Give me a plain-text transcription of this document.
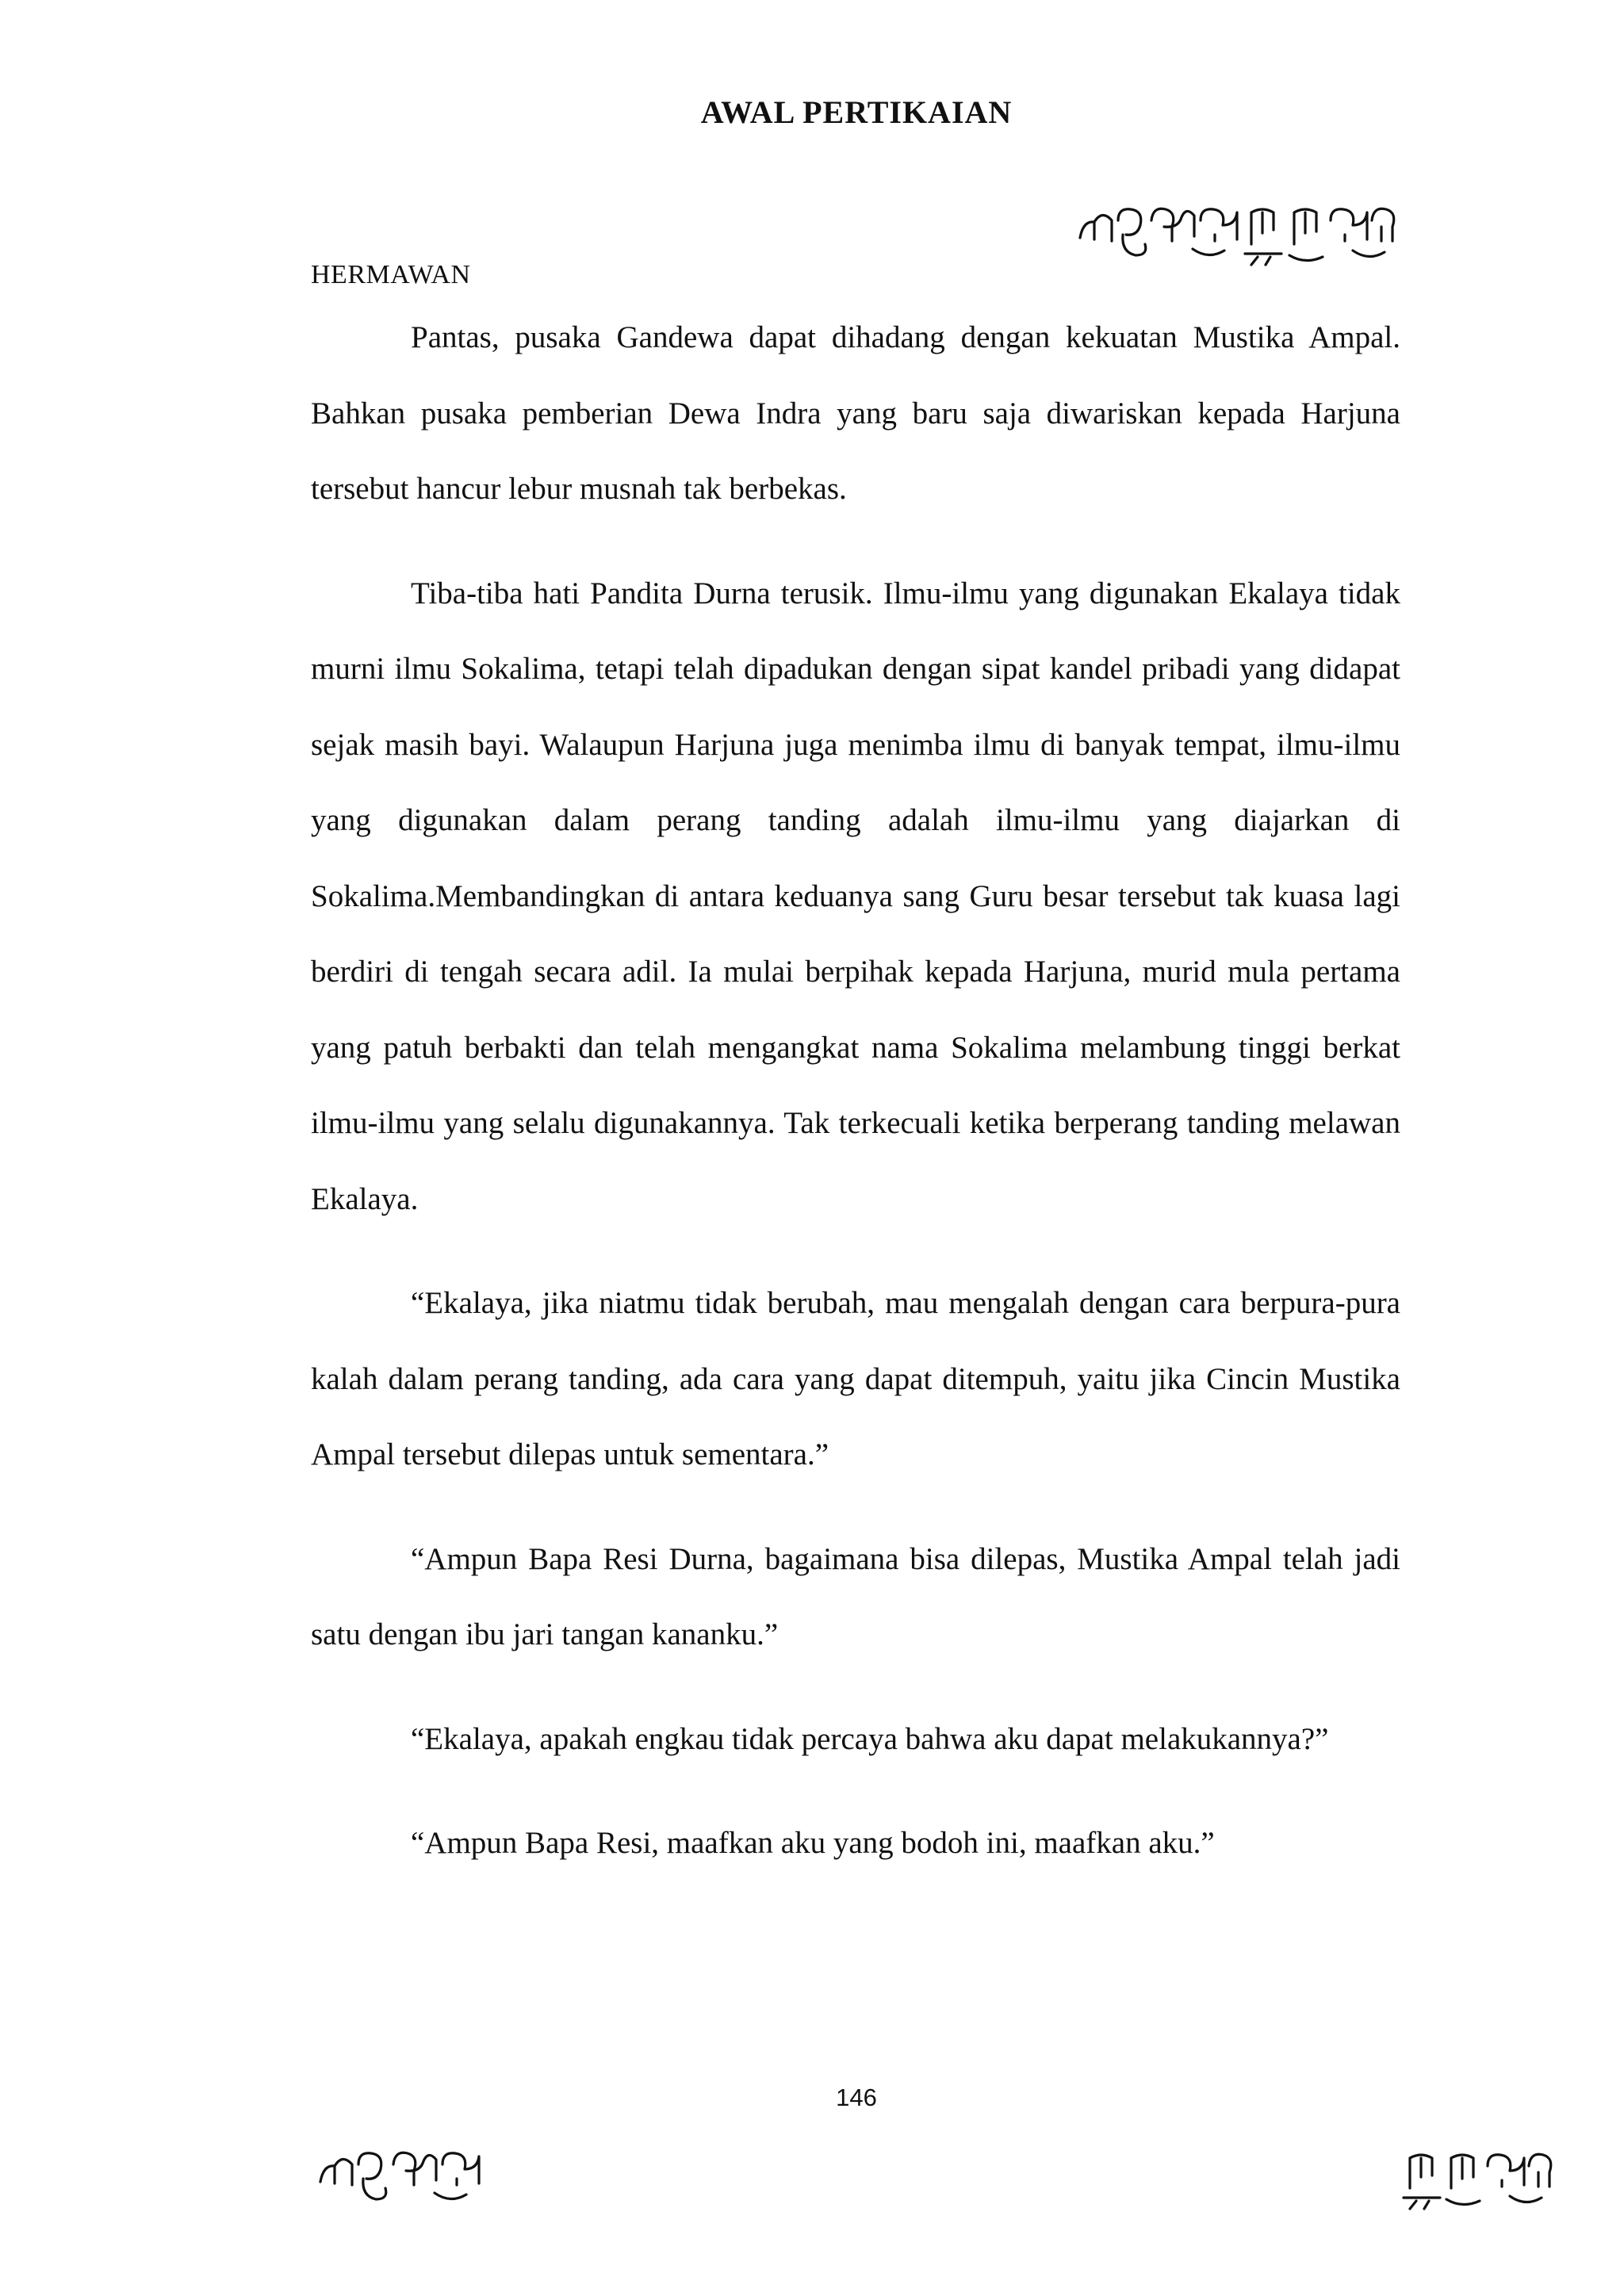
AWAL PERTIKAIAN
HERMAWAN

Pantas, pusaka Gandewa dapat dihadang dengan kekuatan Mustika Ampal. Bahkan pusaka pemberian Dewa Indra yang baru saja diwariskan kepada Harjuna tersebut hancur lebur musnah tak berbekas.

Tiba-tiba hati Pandita Durna terusik. Ilmu-ilmu yang digunakan Ekalaya tidak murni ilmu Sokalima, tetapi telah dipadukan dengan sipat kandel pribadi yang didapat sejak masih bayi. Walaupun Harjuna juga menimba ilmu di banyak tempat, ilmu-ilmu yang digunakan dalam perang tanding adalah ilmu-ilmu yang diajarkan di Sokalima.Membandingkan di antara keduanya sang Guru besar tersebut tak kuasa lagi berdiri di tengah secara adil. Ia mulai berpihak kepada Harjuna, murid mula pertama yang patuh berbakti dan telah mengangkat nama Sokalima melambung tinggi berkat ilmu-ilmu yang selalu digunakannya. Tak terkecuali ketika berperang tanding melawan Ekalaya.

“Ekalaya, jika niatmu tidak berubah, mau mengalah dengan cara berpura-pura kalah dalam perang tanding, ada cara yang dapat ditempuh, yaitu jika Cincin Mustika Ampal tersebut dilepas untuk sementara.”

“Ampun Bapa Resi Durna, bagaimana bisa dilepas, Mustika Ampal telah jadi satu dengan ibu jari tangan kananku.”

“Ekalaya, apakah engkau tidak percaya bahwa aku dapat melakukannya?”

“Ampun Bapa Resi, maafkan aku yang bodoh ini, maafkan aku.”

146
